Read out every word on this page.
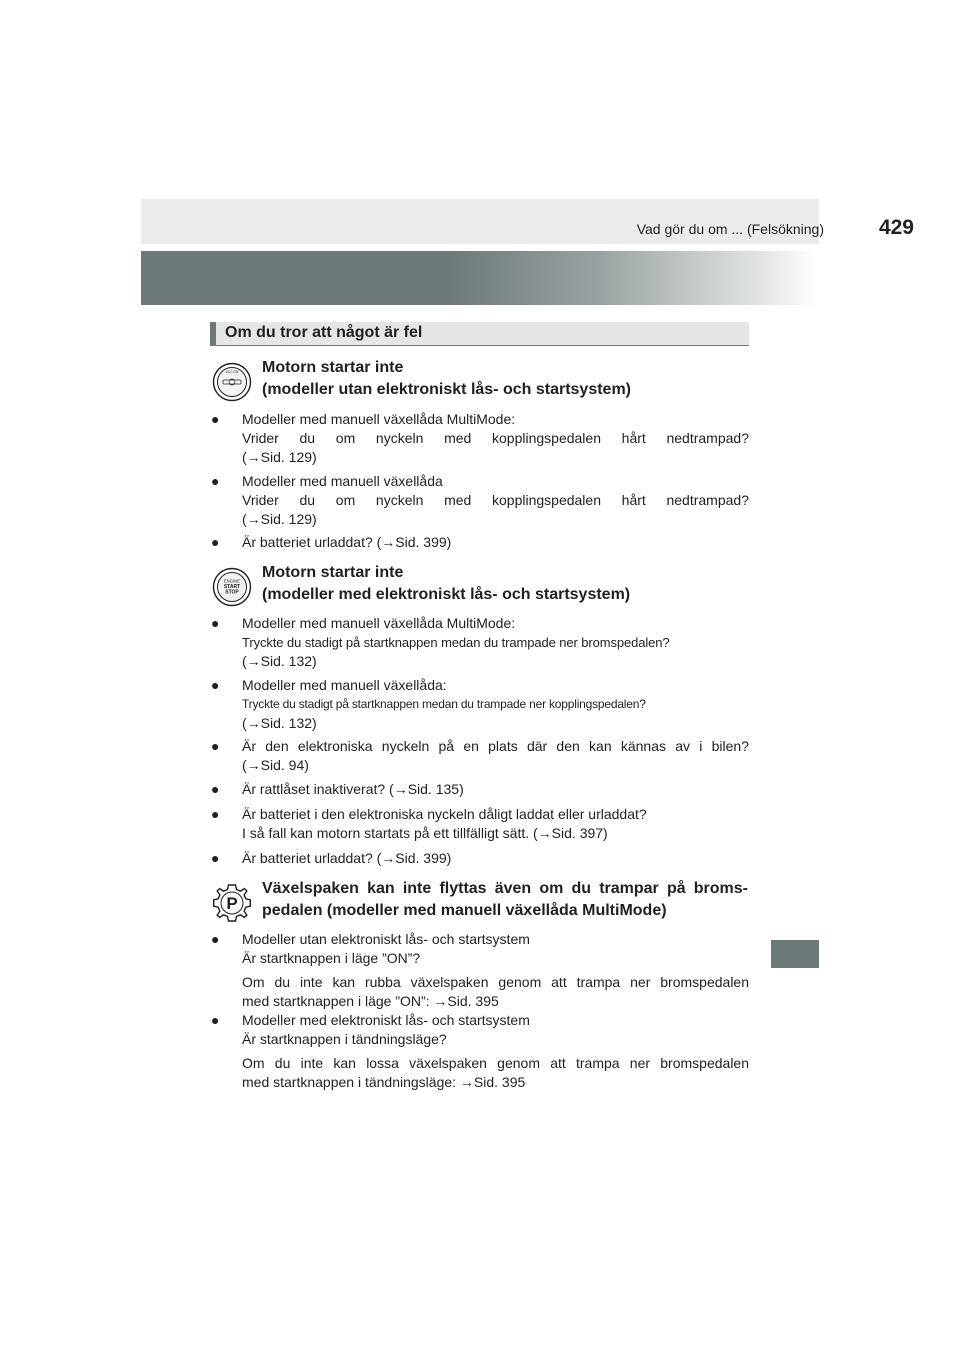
Vad gör du om ... (Felsökning)	429
Om du tror att något är fel
ACC ON Motorn startar inte
(modeller utan elektroniskt lås- och startsystem)
● Modeller med manuell växellåda MultiMode:
Vrider du om nyckeln med kopplingspedalen hårt nedtrampad?
(→Sid. 129)
● Modeller med manuell växellåda
Vrider du om nyckeln med kopplingspedalen hårt nedtrampad?
(→Sid. 129)
● Är batteriet urladdat? (→Sid. 399)
ENGINE
START
STOP
Motorn startar inte
(modeller med elektroniskt lås- och startsystem)
● Modeller med manuell växellåda MultiMode:
Tryckte du stadigt på startknappen medan du trampade ner bromspedalen?
(→Sid. 132)
● Modeller med manuell växellåda:
Tryckte du stadigt på startknappen medan du trampade ner kopplingspedalen?
(→Sid. 132)
● Är den elektroniska nyckeln på en plats där den kan kännas av i bilen?
(→Sid. 94)
● Är rattlåset inaktiverat? (→Sid. 135)
● Är batteriet i den elektroniska nyckeln dåligt laddat eller urladdat?
I så fall kan motorn startats på ett tillfälligt sätt. (→Sid. 397)
● Är batteriet urladdat? (→Sid. 399)
P
Växelspaken kan inte flyttas även om du trampar på broms-
pedalen (modeller med manuell växellåda MultiMode)
● Modeller utan elektroniskt lås- och startsystem
Är startknappen i läge ”ON”?
Om du inte kan rubba växelspaken genom att trampa ner bromspedalen
med startknappen i läge ”ON”: →Sid. 395
● Modeller med elektroniskt lås- och startsystem
Är startknappen i tändningsläge?
Om du inte kan lossa växelspaken genom att trampa ner bromspedalen
med startknappen i tändningsläge: →Sid. 395
